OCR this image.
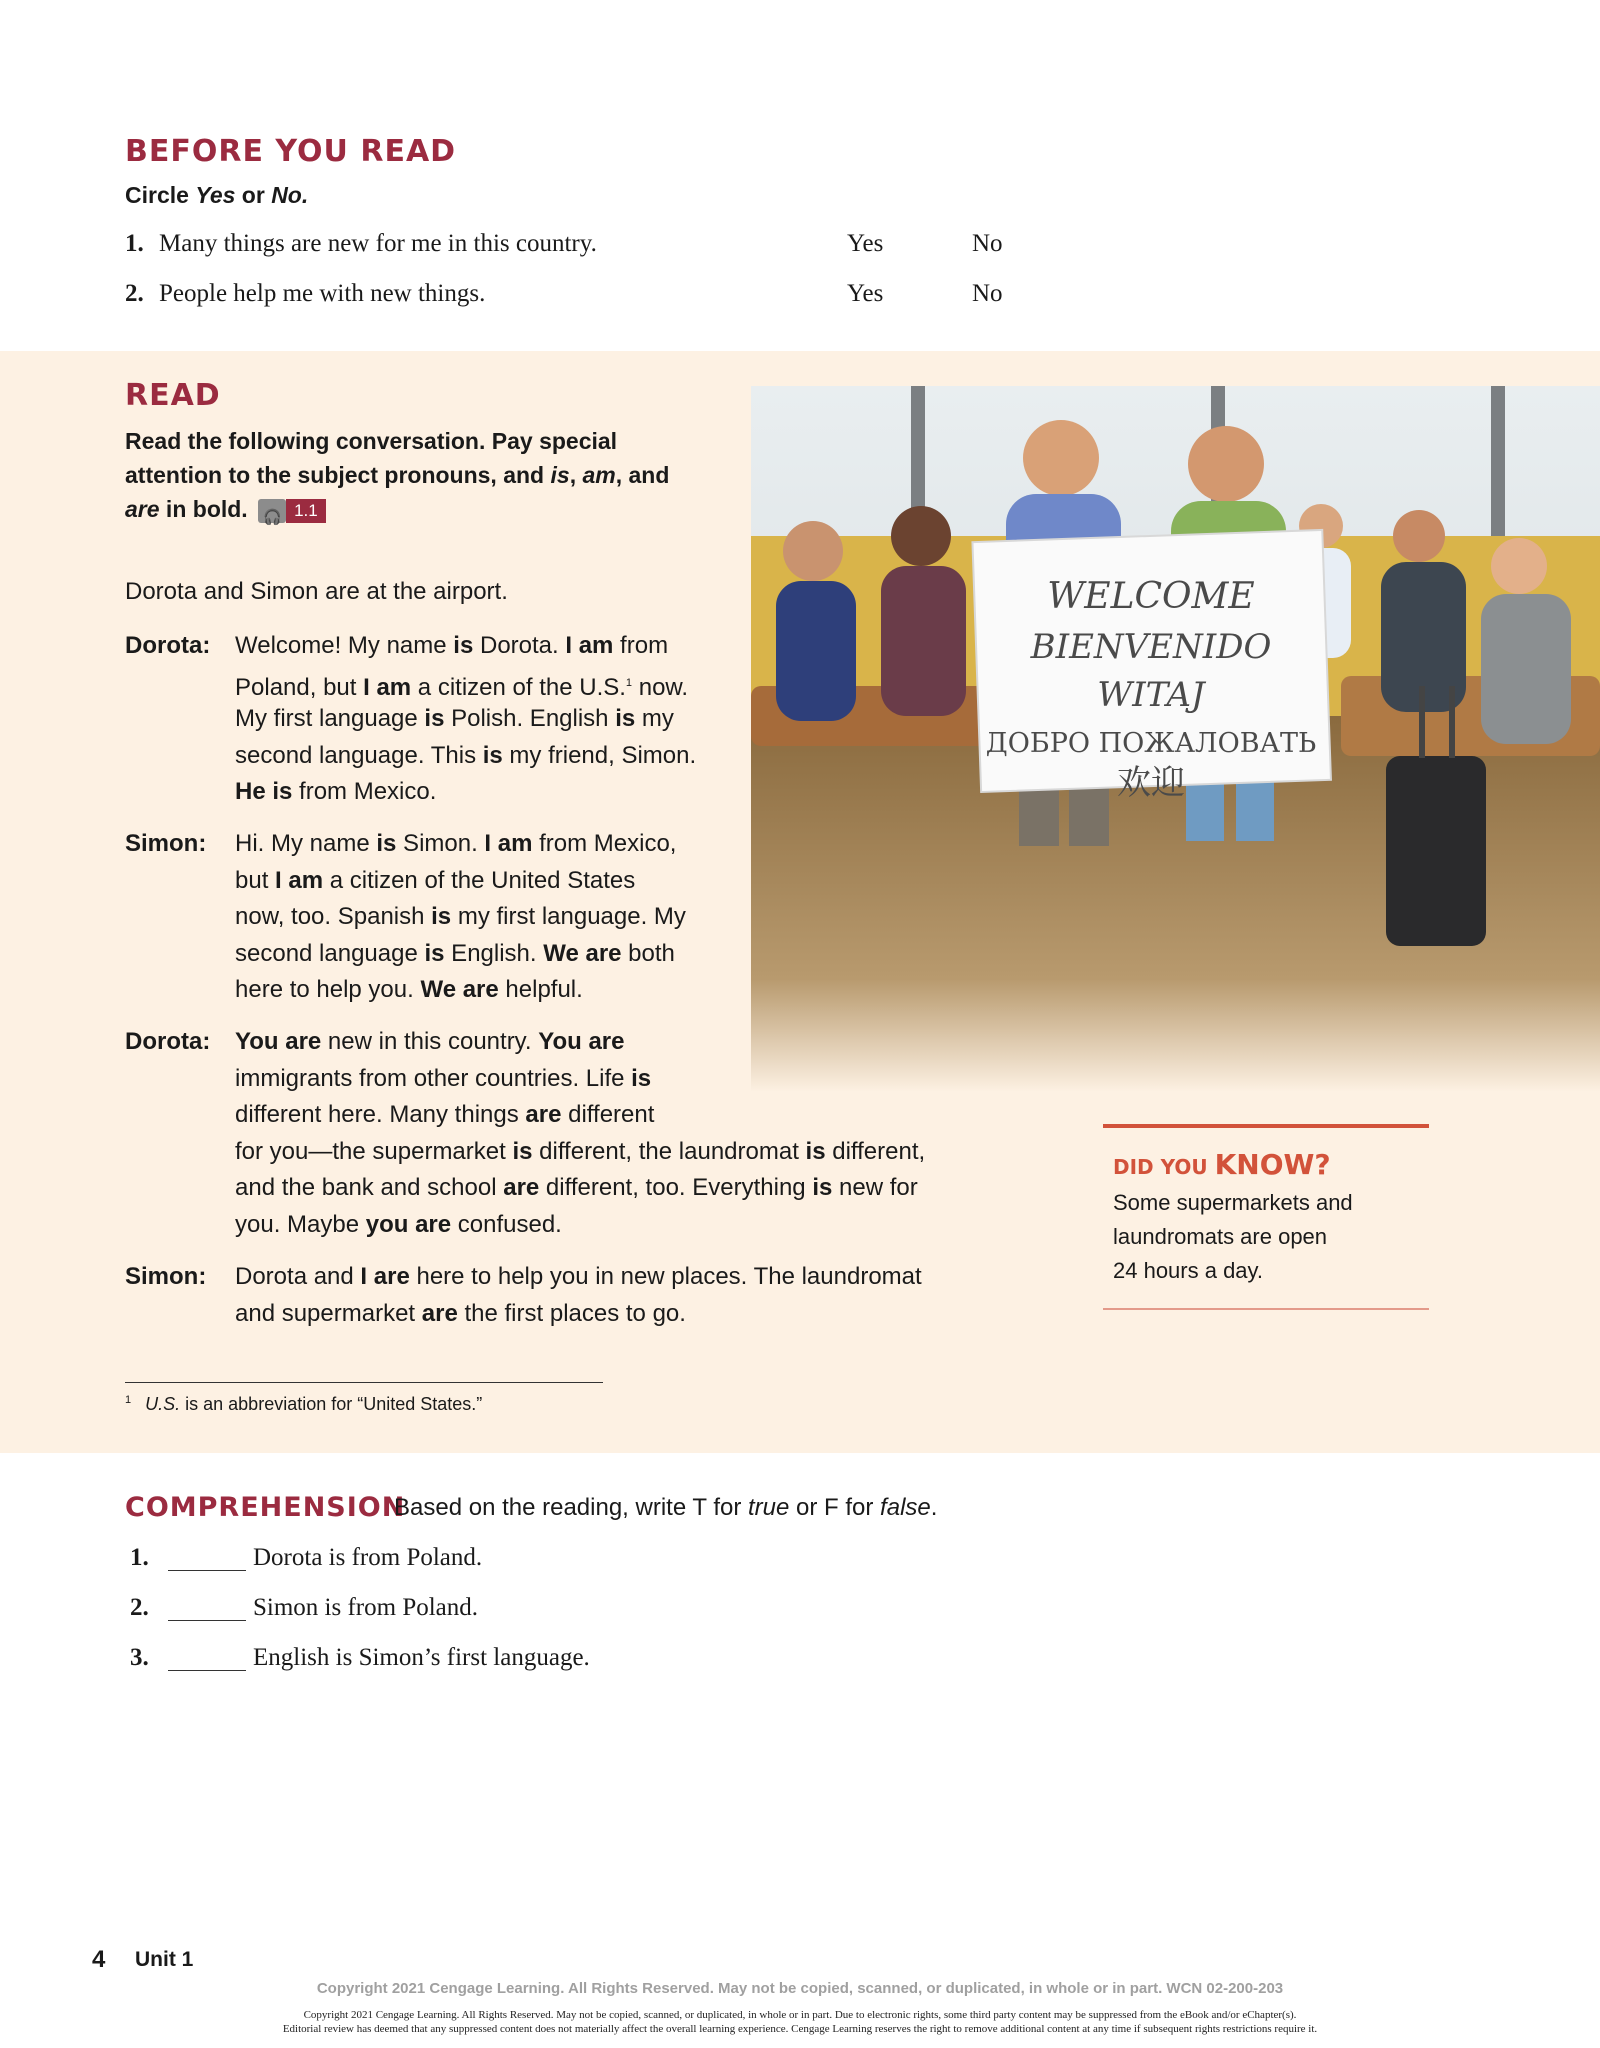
BEFORE YOU READ
Circle Yes or No.
1. Many things are new for me in this country.	Yes	No
2. People help me with new things.	Yes	No
READ
Read the following conversation. Pay special
attention to the subject pronouns, and is, am, and
are in bold. 🎧	1.1
Dorota and Simon are at the airport.
Dorota: Welcome! My name is Dorota. I am from
Poland, but I am a citizen of the U.S.$^1$ now.
My first language is Polish. English is my
second language. This is my friend, Simon.
He is from Mexico.
Simon: Hi. My name is Simon. I am from Mexico,
but I am a citizen of the United States
now, too. Spanish is my first language. My
second language is English. We are both
here to help you. We are helpful.
Dorota: You are new in this country. You are
immigrants from other countries. Life is
different here. Many things are different
for you—the supermarket is different, the laundromat is different,
and the bank and school are different, too. Everything is new for
you. Maybe you are confused.
Simon: Dorota and I are here to help you in new places. The laundromat
and supermarket are the first places to go.
WELCOME
BIENVENIDO
WITAJ
ДОБРО ПОЖАЛОВАТЬ
欢迎
DID YOU KNOW?
Some supermarkets and
laundromats are open
24 hours a day.
$^1$ U.S. is an abbreviation for “United States.”
COMPREHENSION
Based on the reading, write T for true or F for false.
1.	Dorota is from Poland.
2.	Simon is from Poland.
3.	English is Simon’s first language.
4 Unit 1
Copyright 2021 Cengage Learning. All Rights Reserved. May not be copied, scanned, or duplicated, in whole or in part. WCN 02-200-203
Copyright 2021 Cengage Learning. All Rights Reserved. May not be copied, scanned, or duplicated, in whole or in part. Due to electronic rights, some third party content may be suppressed from the eBook and/or eChapter(s).
Editorial review has deemed that any suppressed content does not materially affect the overall learning experience. Cengage Learning reserves the right to remove additional content at any time if subsequent rights restrictions require it.
